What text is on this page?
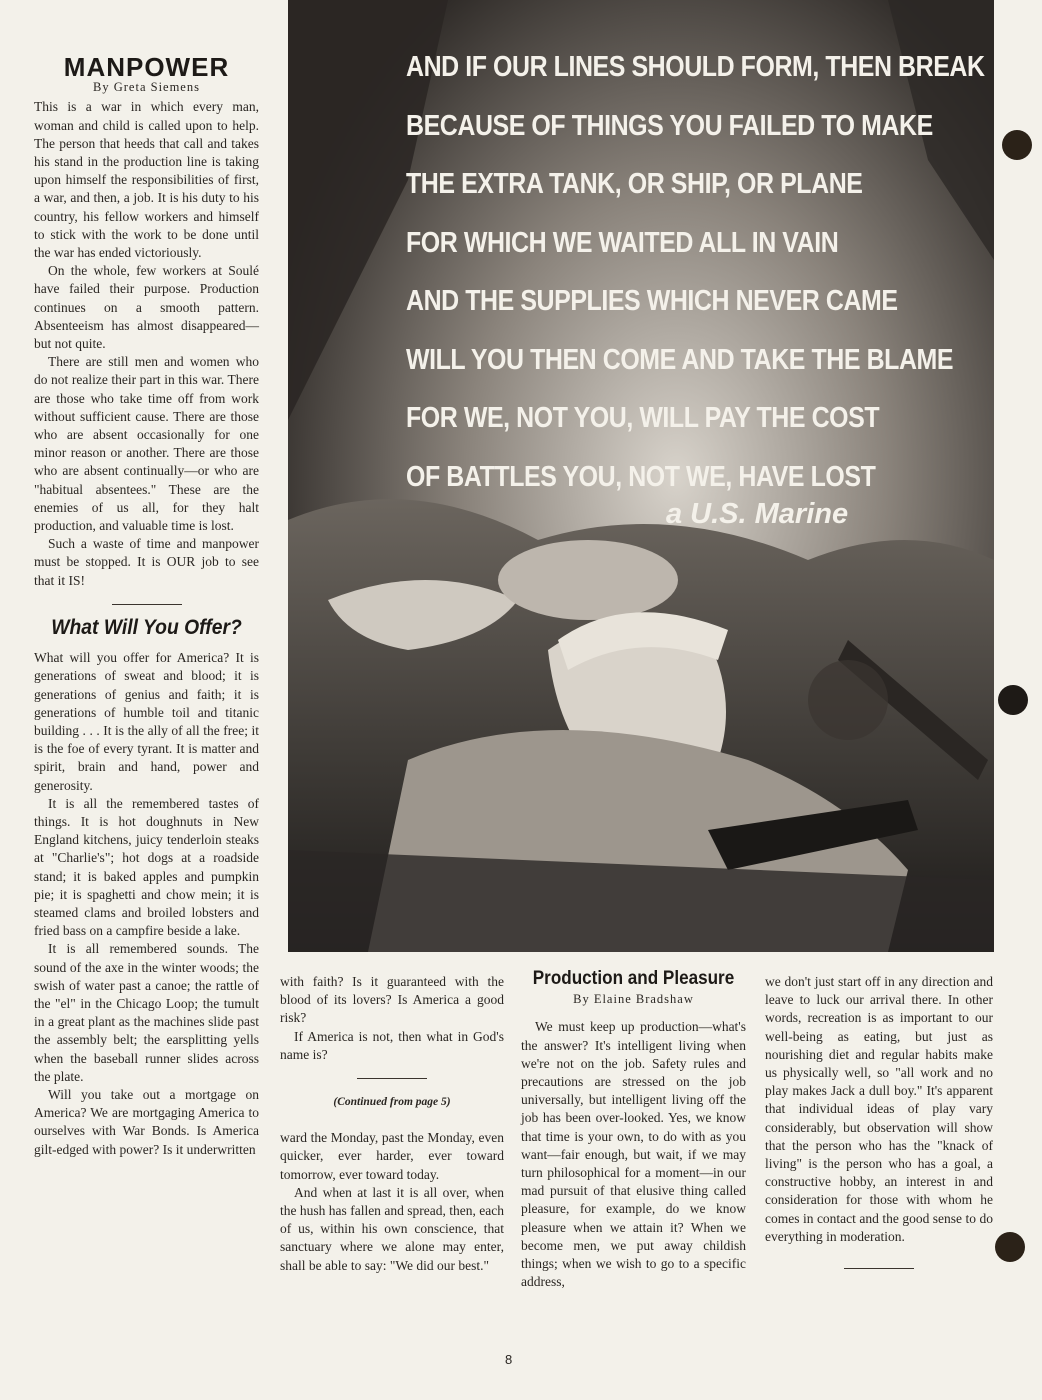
MANPOWER
By Greta Siemens

This is a war in which every man, woman and child is called upon to help. The person that heeds that call and takes his stand in the production line is taking upon himself the responsibilities of first, a war, and then, a job. It is his duty to his country, his fellow workers and himself to stick with the work to be done until the war has ended victoriously.

On the whole, few workers at Soulé have failed their purpose. Production continues on a smooth pattern. Absenteeism has almost disappeared—but not quite.

There are still men and women who do not realize their part in this war. There are those who take time off from work without sufficient cause. There are those who are absent occasionally for one minor reason or another. There are those who are absent continually—or who are "habitual absentees." These are the enemies of us all, for they halt production, and valuable time is lost.

Such a waste of time and manpower must be stopped. It is OUR job to see that it IS!

What Will You Offer?

What will you offer for America? It is generations of sweat and blood; it is generations of genius and faith; it is generations of humble toil and titanic building . . . It is the ally of all the free; it is the foe of every tyrant. It is matter and spirit, brain and hand, power and generosity.

It is all the remembered tastes of things. It is hot doughnuts in New England kitchens, juicy tenderloin steaks at "Charlie's"; hot dogs at a roadside stand; it is baked apples and pumpkin pie; it is spaghetti and chow mein; it is steamed clams and broiled lobsters and fried bass on a campfire beside a lake.

It is all remembered sounds. The sound of the axe in the winter woods; the swish of water past a canoe; the rattle of the "el" in the Chicago Loop; the tumult in a great plant as the machines slide past the assembly belt; the earsplitting yells when the baseball runner slides across the plate.

Will you take out a mortgage on America? We are mortgaging America to ourselves with War Bonds. Is America gilt-edged with power? Is it underwritten

AND IF OUR LINES SHOULD FORM, THEN BREAK
BECAUSE OF THINGS YOU FAILED TO MAKE
THE EXTRA TANK, OR SHIP, OR PLANE
FOR WHICH WE WAITED ALL IN VAIN
AND THE SUPPLIES WHICH NEVER CAME
WILL YOU THEN COME AND TAKE THE BLAME
FOR WE, NOT YOU, WILL PAY THE COST
OF BATTLES YOU, NOT WE, HAVE LOST
a U.S. Marine

with faith? Is it guaranteed with the blood of its lovers? Is America a good risk?

If America is not, then what in God's name is?

(Continued from page 5)

ward the Monday, past the Monday, even quicker, ever harder, ever toward tomorrow, ever toward today.

And when at last it is all over, when the hush has fallen and spread, then, each of us, within his own conscience, that sanctuary where we alone may enter, shall be able to say: "We did our best."

Production and Pleasure
By Elaine Bradshaw

We must keep up production—what's the answer? It's intelligent living when we're not on the job. Safety rules and precautions are stressed on the job universally, but intelligent living off the job has been over-looked. Yes, we know that time is your own, to do with as you want—fair enough, but wait, if we may turn philosophical for a moment—in our mad pursuit of that elusive thing called pleasure, for example, do we know pleasure when we attain it? When we become men, we put away childish things; when we wish to go to a specific address,

we don't just start off in any direction and leave to luck our arrival there. In other words, recreation is as important to our well-being as eating, but just as nourishing diet and regular habits make us physically well, so "all work and no play makes Jack a dull boy." It's apparent that individual ideas of play vary considerably, but observation will show that the person who has the "knack of living" is the person who has a goal, a constructive hobby, an interest in and consideration for those with whom he comes in contact and the good sense to do everything in moderation.

8
